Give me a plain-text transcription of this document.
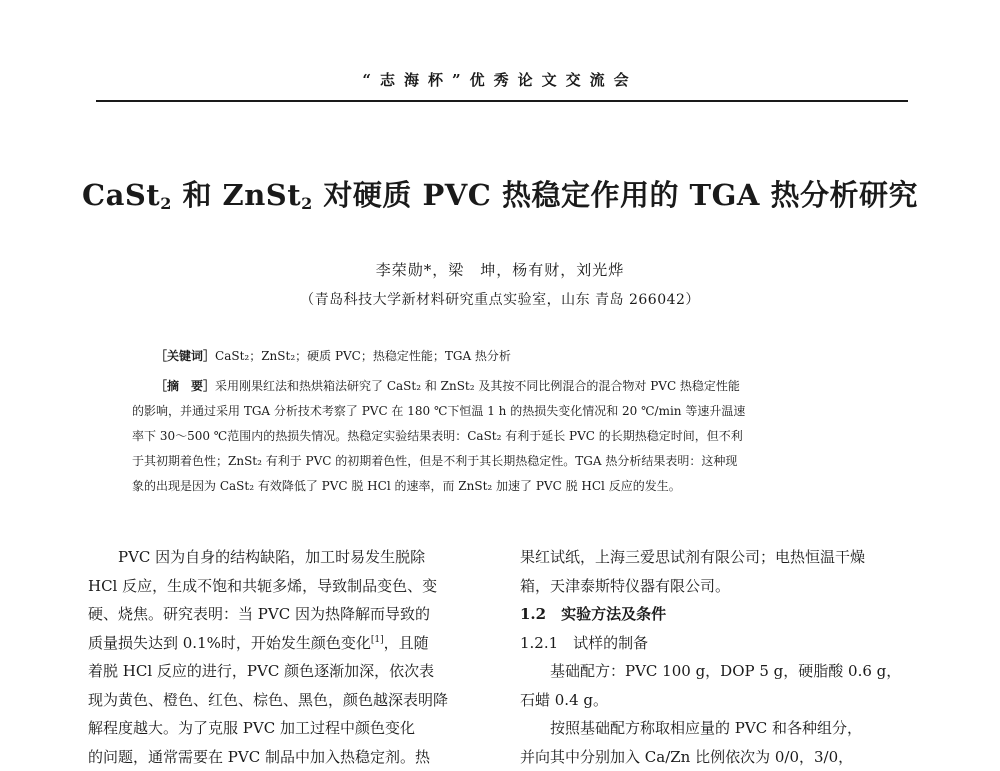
“志海杯”优秀论文交流会
CaSt$_2$ 和 ZnSt$_2$ 对硬质 PVC 热稳定作用的 TGA 热分析研究
李荣勋*，梁　坤，杨有财，刘光烨
（青岛科技大学新材料研究重点实验室，山东 青岛 266042）
［关键词］CaSt₂；ZnSt₂；硬质 PVC；热稳定性能；TGA 热分析
［摘　要］采用刚果红法和热烘箱法研究了 CaSt₂ 和 ZnSt₂ 及其按不同比例混合的混合物对 PVC 热稳定性能
的影响，并通过采用 TGA 分析技术考察了 PVC 在 180 ℃下恒温 1 h 的热损失变化情况和 20 ℃/min 等速升温速
率下 30～500 ℃范围内的热损失情况。热稳定实验结果表明：CaSt₂ 有利于延长 PVC 的长期热稳定时间，但不利
于其初期着色性；ZnSt₂ 有利于 PVC 的初期着色性，但是不利于其长期热稳定性。TGA 热分析结果表明：这种现
象的出现是因为 CaSt₂ 有效降低了 PVC 脱 HCl 的速率，而 ZnSt₂ 加速了 PVC 脱 HCl 反应的发生。
PVC 因为自身的结构缺陷，加工时易发生脱除
HCl 反应，生成不饱和共轭多烯，导致制品变色、变
硬、烧焦。研究表明：当 PVC 因为热降解而导致的
质量损失达到 0.1%时，开始发生颜色变化[1]，且随
着脱 HCl 反应的进行，PVC 颜色逐渐加深，依次表
现为黄色、橙色、红色、棕色、黑色，颜色越深表明降
解程度越大。为了克服 PVC 加工过程中颜色变化
的问题，通常需要在 PVC 制品中加入热稳定剂。热
果红试纸，上海三爱思试剂有限公司；电热恒温干燥
箱，天津泰斯特仪器有限公司。
1.2　实验方法及条件
1.2.1　试样的制备
基础配方：PVC 100 g，DOP 5 g，硬脂酸 0.6 g，
石蜡 0.4 g。
按照基础配方称取相应量的 PVC 和各种组分，
并向其中分别加入 Ca/Zn 比例依次为 0/0，3/0，
